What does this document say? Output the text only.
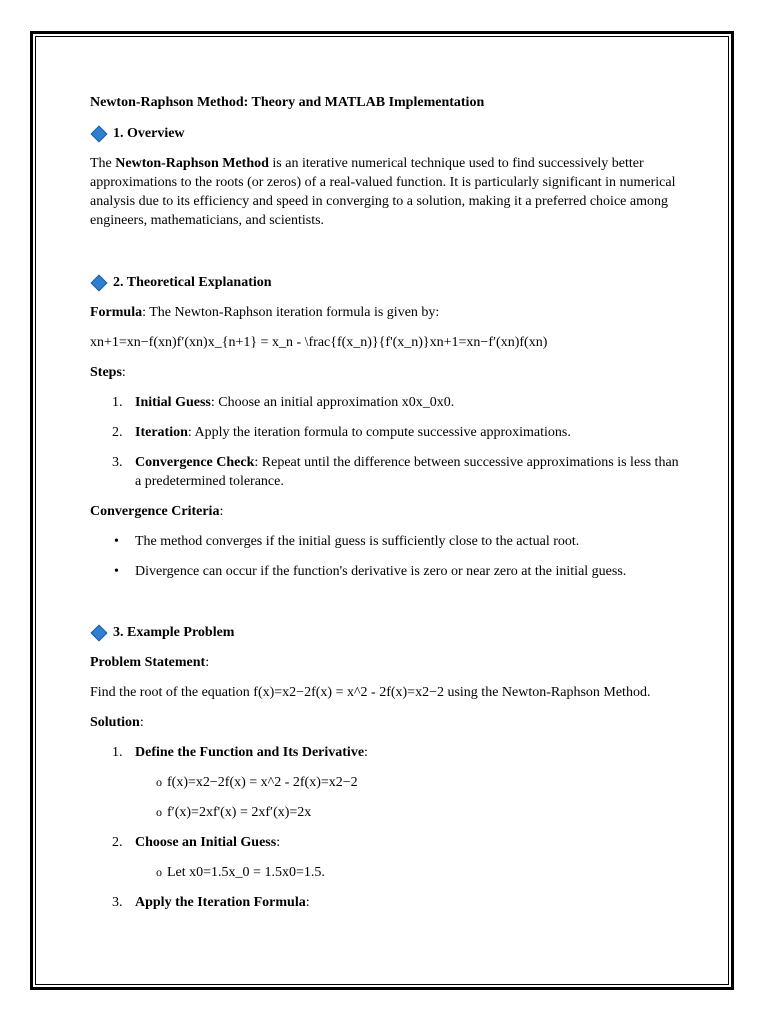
Newton-Raphson Method: Theory and MATLAB Implementation

1. Overview

The Newton-Raphson Method is an iterative numerical technique used to find successively better approximations to the roots (or zeros) of a real-valued function. It is particularly significant in numerical analysis due to its efficiency and speed in converging to a solution, making it a preferred choice among engineers, mathematicians, and scientists.

2. Theoretical Explanation

Formula: The Newton-Raphson iteration formula is given by:

xn+1=xn−f(xn)f′(xn)x_{n+1} = x_n - \frac{f(x_n)}{f'(x_n)}xn+1=xn−f′(xn)f(xn)

Steps:

1. Initial Guess: Choose an initial approximation x0x_0x0.
2. Iteration: Apply the iteration formula to compute successive approximations.
3. Convergence Check: Repeat until the difference between successive approximations is less than a predetermined tolerance.

Convergence Criteria:

• The method converges if the initial guess is sufficiently close to the actual root.
• Divergence can occur if the function's derivative is zero or near zero at the initial guess.
3. Example Problem

Problem Statement:

Find the root of the equation f(x)=x2−2f(x) = x^2 - 2f(x)=x2−2 using the Newton-Raphson Method.

Solution:

1. Define the Function and Its Derivative:
o f(x)=x2−2f(x) = x^2 - 2f(x)=x2−2
o f′(x)=2xf'(x) = 2xf′(x)=2x
2. Choose an Initial Guess:
o Let x0=1.5x_0 = 1.5x0=1.5.
3. Apply the Iteration Formula:
